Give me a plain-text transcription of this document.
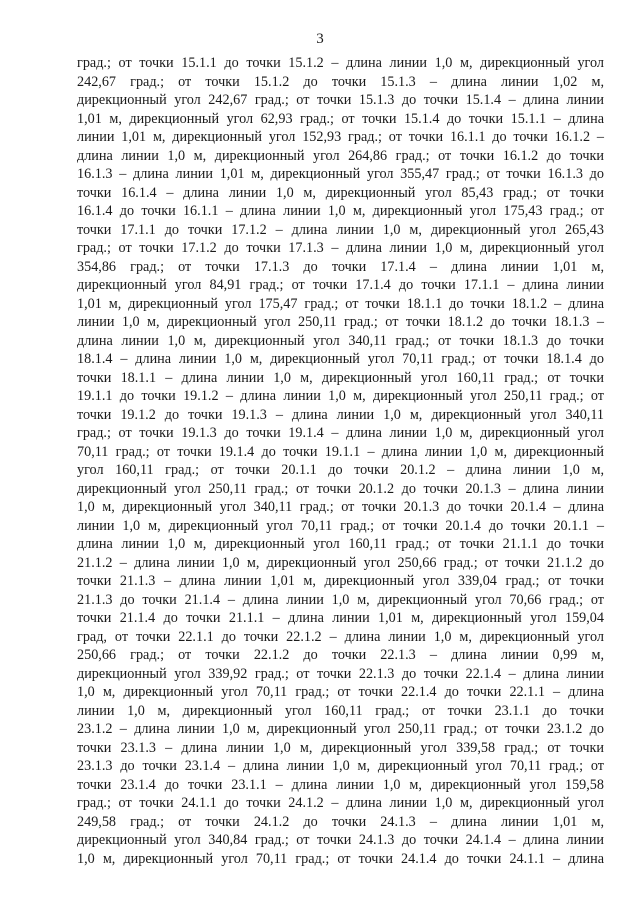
3
град.; от точки 15.1.1 до точки 15.1.2 – длина линии 1,0 м, дирекционный угол
242,67 град.; от точки 15.1.2 до точки 15.1.3 – длина линии 1,02 м,
дирекционный угол 242,67 град.; от точки 15.1.3 до точки 15.1.4 – длина линии
1,01 м, дирекционный угол 62,93 град.; от точки 15.1.4 до точки 15.1.1 – длина
линии 1,01 м, дирекционный угол 152,93 град.; от точки 16.1.1 до точки 16.1.2 –
длина линии 1,0 м, дирекционный угол 264,86 град.; от точки 16.1.2 до точки
16.1.3 – длина линии 1,01 м, дирекционный угол 355,47 град.; от точки 16.1.3 до
точки 16.1.4 – длина линии 1,0 м, дирекционный угол 85,43 град.; от точки
16.1.4 до точки 16.1.1 – длина линии 1,0 м, дирекционный угол 175,43 град.; от
точки 17.1.1 до точки 17.1.2 – длина линии 1,0 м, дирекционный угол 265,43
град.; от точки 17.1.2 до точки 17.1.3 – длина линии 1,0 м, дирекционный угол
354,86 град.; от точки 17.1.3 до точки 17.1.4 – длина линии 1,01 м,
дирекционный угол 84,91 град.; от точки 17.1.4 до точки 17.1.1 – длина линии
1,01 м, дирекционный угол 175,47 град.; от точки 18.1.1 до точки 18.1.2 – длина
линии 1,0 м, дирекционный угол 250,11 град.; от точки 18.1.2 до точки 18.1.3 –
длина линии 1,0 м, дирекционный угол 340,11 град.; от точки 18.1.3 до точки
18.1.4 – длина линии 1,0 м, дирекционный угол 70,11 град.; от точки 18.1.4 до
точки 18.1.1 – длина линии 1,0 м, дирекционный угол 160,11 град.; от точки
19.1.1 до точки 19.1.2 – длина линии 1,0 м, дирекционный угол 250,11 град.; от
точки 19.1.2 до точки 19.1.3 – длина линии 1,0 м, дирекционный угол 340,11
град.; от точки 19.1.3 до точки 19.1.4 – длина линии 1,0 м, дирекционный угол
70,11 град.; от точки 19.1.4 до точки 19.1.1 – длина линии 1,0 м, дирекционный
угол 160,11 град.; от точки 20.1.1 до точки 20.1.2 – длина линии 1,0 м,
дирекционный угол 250,11 град.; от точки 20.1.2 до точки 20.1.3 – длина линии
1,0 м, дирекционный угол 340,11 град.; от точки 20.1.3 до точки 20.1.4 – длина
линии 1,0 м, дирекционный угол 70,11 град.; от точки 20.1.4 до точки 20.1.1 –
длина линии 1,0 м, дирекционный угол 160,11 град.; от точки 21.1.1 до точки
21.1.2 – длина линии 1,0 м, дирекционный угол 250,66 град.; от точки 21.1.2 до
точки 21.1.3 – длина линии 1,01 м, дирекционный угол 339,04 град.; от точки
21.1.3 до точки 21.1.4 – длина линии 1,0 м, дирекционный угол 70,66 град.; от
точки 21.1.4 до точки 21.1.1 – длина линии 1,01 м, дирекционный угол 159,04
град, от точки 22.1.1 до точки 22.1.2 – длина линии 1,0 м, дирекционный угол
250,66 град.; от точки 22.1.2 до точки 22.1.3 – длина линии 0,99 м,
дирекционный угол 339,92 град.; от точки 22.1.3 до точки 22.1.4 – длина линии
1,0 м, дирекционный угол 70,11 град.; от точки 22.1.4 до точки 22.1.1 – длина
линии 1,0 м, дирекционный угол 160,11 град.; от точки 23.1.1 до точки
23.1.2 – длина линии 1,0 м, дирекционный угол 250,11 град.; от точки 23.1.2 до
точки 23.1.3 – длина линии 1,0 м, дирекционный угол 339,58 град.; от точки
23.1.3 до точки 23.1.4 – длина линии 1,0 м, дирекционный угол 70,11 град.; от
точки 23.1.4 до точки 23.1.1 – длина линии 1,0 м, дирекционный угол 159,58
град.; от точки 24.1.1 до точки 24.1.2 – длина линии 1,0 м, дирекционный угол
249,58 град.; от точки 24.1.2 до точки 24.1.3 – длина линии 1,01 м,
дирекционный угол 340,84 град.; от точки 24.1.3 до точки 24.1.4 – длина линии
1,0 м, дирекционный угол 70,11 град.; от точки 24.1.4 до точки 24.1.1 – длина
